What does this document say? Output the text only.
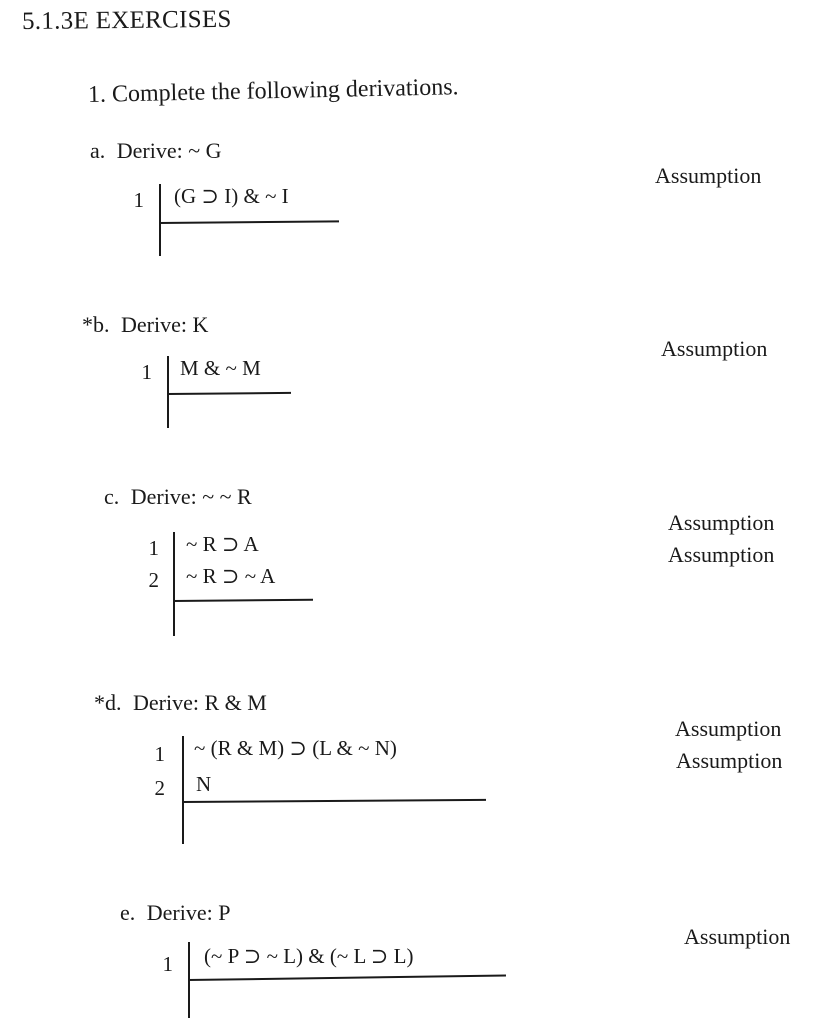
5.1.3E EXERCISES
1. Complete the following derivations.
a. Derive: ~ G
1 (G ⊃ I) & ~ I
Assumption
*b. Derive: K
1 M & ~ M
Assumption
c. Derive: ~ ~ R
1 ~ R ⊃ A
Assumption
2 ~ R ⊃ ~ A
Assumption
*d. Derive: R & M
1 ~ (R & M) ⊃ (L & ~ N)
Assumption
2 N
Assumption
e. Derive: P
1 (~ P ⊃ ~ L) & (~ L ⊃ L)
Assumption
